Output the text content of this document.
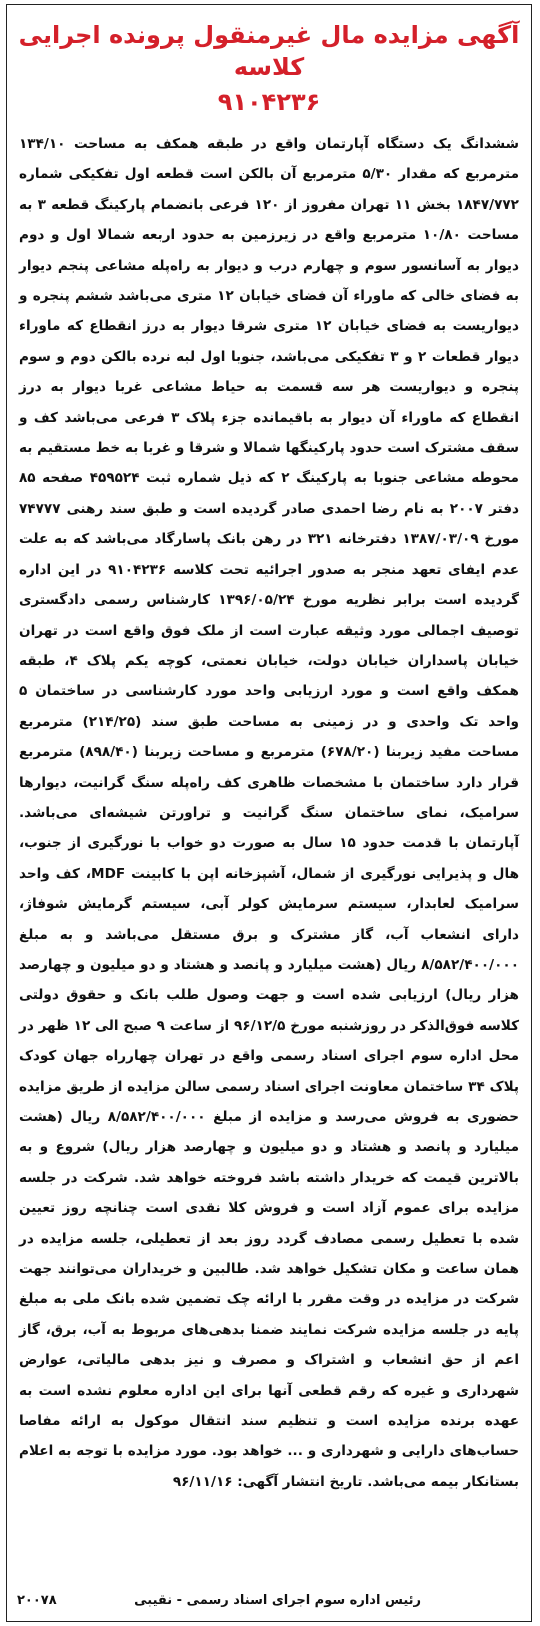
آگهی مزایده مال غیرمنقول پرونده اجرایی کلاسه
۹۱۰۴۲۳۶
ششدانگ یک دستگاه آپارتمان واقع در طبقه همکف به مساحت ۱۳۴/۱۰ مترمربع که مقدار ۵/۳۰ مترمربع آن بالکن است قطعه اول تفکیکی شماره ۱۸۴۷/۷۷۲ بخش ۱۱ تهران مفروز از ۱۲۰ فرعی بانضمام پارکینگ قطعه ۳ به مساحت ۱۰/۸۰ مترمربع واقع در زیرزمین به حدود اربعه شمالا اول و دوم دیوار به آسانسور سوم و چهارم درب و دیوار به راه‌پله مشاعی پنجم دیوار به فضای خالی که ماوراء آن فضای خیابان ۱۲ متری می‌باشد ششم پنجره و دیواریست به فضای خیابان ۱۲ متری شرقا دیوار به درز انقطاع که ماوراء دیوار قطعات ۲ و ۳ تفکیکی می‌باشد، جنوبا اول لبه نرده بالکن دوم و سوم پنجره و دیواریست هر سه قسمت به حیاط مشاعی غربا دیوار به درز انقطاع که ماوراء آن دیوار به باقیمانده جزء پلاک ۳ فرعی می‌باشد کف و سقف مشترک است حدود پارکینگها شمالا و شرقا و غربا به خط مستقیم به محوطه مشاعی جنوبا به پارکینگ ۲ که ذیل شماره ثبت ۴۵۹۵۲۴ صفحه ۸۵ دفتر ۲۰۰۷ به نام رضا احمدی صادر گردیده است و طبق سند رهنی ۷۴۷۷۷ مورخ ۱۳۸۷/۰۳/۰۹ دفترخانه ۳۲۱ در رهن بانک پاسارگاد می‌باشد که به علت عدم ایفای تعهد منجر به صدور اجرائیه تحت کلاسه ۹۱۰۴۲۳۶ در این اداره گردیده است برابر نظریه مورخ ۱۳۹۶/۰۵/۲۴ کارشناس رسمی دادگستری توصیف اجمالی مورد وثیقه عبارت است از ملک فوق واقع است در تهران خیابان پاسداران خیابان دولت، خیابان نعمتی، کوچه یکم پلاک ۴، طبقه همکف واقع است و مورد ارزیابی واحد مورد کارشناسی در ساختمان ۵ واحد تک واحدی و در زمینی به مساحت طبق سند (۲۱۴/۲۵) مترمربع مساحت مفید زیربنا (۶۷۸/۲۰) مترمربع و مساحت زیربنا (۸۹۸/۴۰) مترمربع قرار دارد ساختمان با مشخصات ظاهری کف راه‌پله سنگ گرانیت، دیوارها سرامیک، نمای ساختمان سنگ گرانیت و تراورتن شیشه‌ای می‌باشد. آپارتمان با قدمت حدود ۱۵ سال به صورت دو خواب با نورگیری از جنوب، هال و پذیرایی نورگیری از شمال، آشپزخانه اپن با کابینت MDF، کف واحد سرامیک لعابدار، سیستم سرمایش کولر آبی، سیستم گرمایش شوفاژ، دارای انشعاب آب، گاز مشترک و برق مستقل می‌باشد و به مبلغ ۸/۵۸۲/۴۰۰/۰۰۰ ریال (هشت میلیارد و پانصد و هشتاد و دو میلیون و چهارصد هزار ریال) ارزیابی شده است و جهت وصول طلب بانک و حقوق دولتی کلاسه فوق‌الذکر در روزشنبه مورخ ۹۶/۱۲/۵ از ساعت ۹ صبح الی ۱۲ ظهر در محل اداره سوم اجرای اسناد رسمی واقع در تهران چهارراه جهان کودک پلاک ۳۴ ساختمان معاونت اجرای اسناد رسمی سالن مزایده از طریق مزایده حضوری به فروش می‌رسد و مزایده از مبلغ ۸/۵۸۲/۴۰۰/۰۰۰ ریال (هشت میلیارد و پانصد و هشتاد و دو میلیون و چهارصد هزار ریال) شروع و به بالاترین قیمت که خریدار داشته باشد فروخته خواهد شد. شرکت در جلسه مزایده برای عموم آزاد است و فروش کلا نقدی است چنانچه روز تعیین شده با تعطیل رسمی مصادف گردد روز بعد از تعطیلی، جلسه مزایده در همان ساعت و مکان تشکیل خواهد شد. طالبین و خریداران می‌توانند جهت شرکت در مزایده در وقت مقرر با ارائه چک تضمین شده بانک ملی به مبلغ پایه در جلسه مزایده شرکت نمایند ضمنا بدهی‌های مربوط به آب، برق، گاز اعم از حق انشعاب و اشتراک و مصرف و نیز بدهی مالیاتی، عوارض شهرداری و غیره که رقم قطعی آنها برای این اداره معلوم نشده است به عهده برنده مزایده است و تنظیم سند انتقال موکول به ارائه مفاصا حساب‌های دارایی و شهرداری و ... خواهد بود. مورد مزایده با توجه به اعلام بستانکار بیمه می‌باشد. تاریخ انتشار آگهی: ۹۶/۱۱/۱۶
۲۰۰۷۸	رئیس اداره سوم اجرای اسناد رسمی - نقیبی
